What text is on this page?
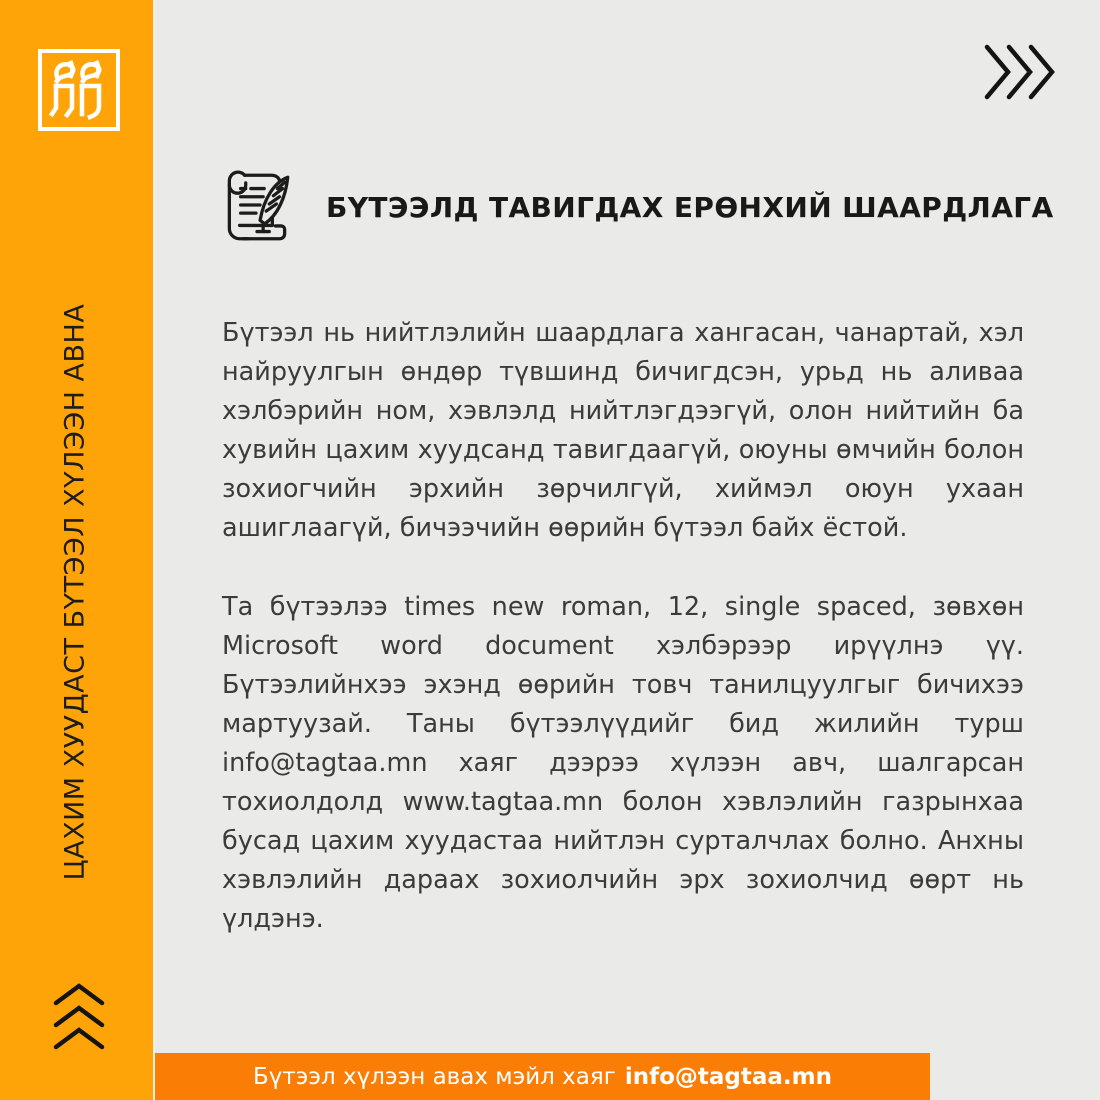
ЦАХИМ ХУУДАСТ БҮТЭЭЛ ХҮЛЭЭН АВНА
БҮТЭЭЛД ТАВИГДАХ ЕРӨНХИЙ ШААРДЛАГА

Бүтээл нь нийтлэлийн шаардлага хангасан, чанартай, хэл найруулгын өндөр түвшинд бичигдсэн, урьд нь аливаа хэлбэрийн ном, хэвлэлд нийтлэгдээгүй, олон нийтийн ба хувийн цахим хуудсанд тавигдаагүй, оюуны өмчийн болон зохиогчийн эрхийн зөрчилгүй, хиймэл оюун ухаан ашиглаагүй, бичээчийн өөрийн бүтээл байх ёстой.

Та бүтээлээ times new roman, 12, single spaced, зөвхөн Microsoft word document хэлбэрээр ирүүлнэ үү. Бүтээлийнхээ эхэнд өөрийн товч танилцуулгыг бичихээ мартуузай. Таны бүтээлүүдийг бид жилийн турш info@tagtaa.mn хаяг дээрээ хүлээн авч, шалгарсан тохиолдолд www.tagtaa.mn болон хэвлэлийн газрынхаа бусад цахим хуудастаа нийтлэн сурталчлах болно. Анхны хэвлэлийн дараах зохиолчийн эрх зохиолчид өөрт нь үлдэнэ.

Бүтээл хүлээн авах мэйл хаяг info@tagtaa.mn
